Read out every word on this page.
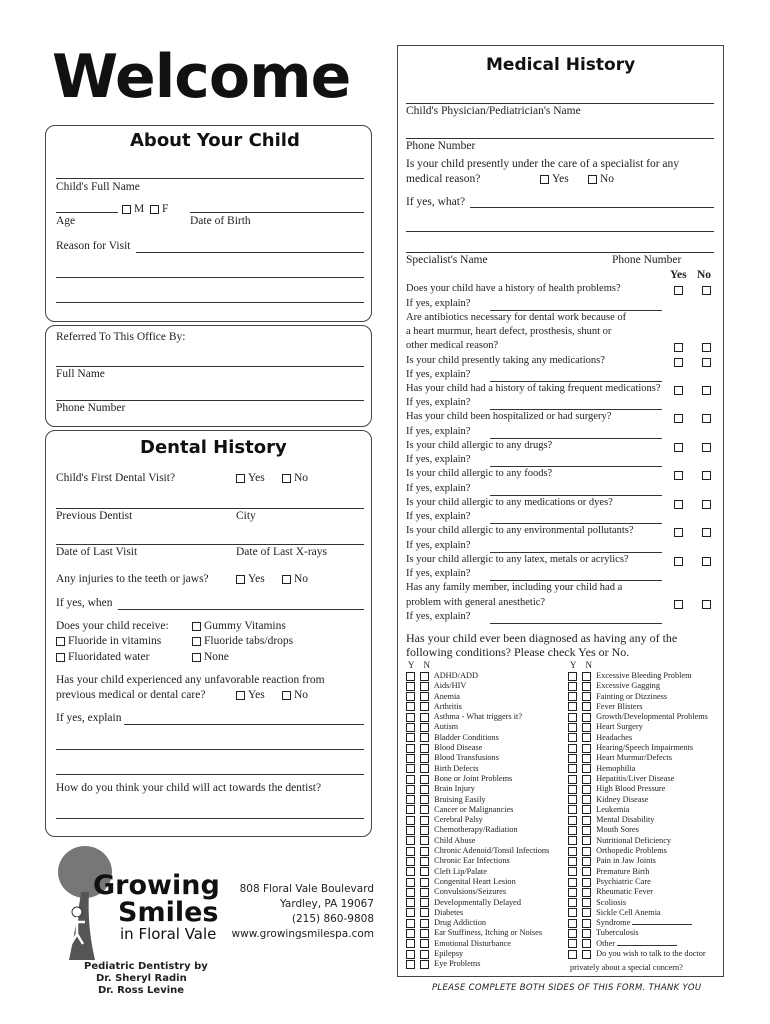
Welcome
About Your Child
Child's Full Name
M F
Age	Date of Birth
Reason for Visit
Referred To This Office By:
Full Name
Phone Number
Dental History
Child's First Dental Visit?	Yes	No
Previous Dentist	City
Date of Last Visit	Date of Last X-rays
Any injuries to the teeth or jaws?	Yes	No
If yes, when
Does your child receive:
Fluoride in vitamins
Fluoridated water
Gummy Vitamins
Fluoride tabs/drops
None
Has your child experienced any unfavorable reaction from
previous medical or dental care?	Yes	No
If yes, explain
How do you think your child will act towards the dentist?
Growing
Smiles
in Floral Vale
Pediatric Dentistry by
Dr. Sheryl Radin
Dr. Ross Levine
808 Floral Vale Boulevard
Yardley, PA 19067
(215) 860-9808
www.growingsmilespa.com
Medical History
Child's Physician/Pediatrician's Name
Phone Number
Is your child presently under the care of a specialist for any
medical reason?	Yes	No
If yes, what?
Specialist's Name	Phone Number
Yes No
Does your child have a history of health problems?
If yes, explain?
Are antibiotics necessary for dental work because of
a heart murmur, heart defect, prosthesis, shunt or
other medical reason?
Is your child presently taking any medications?
If yes, explain?
Has your child had a history of taking frequent medications?
If yes, explain?
Has your child been hospitalized or had surgery?
If yes, explain?
Is your child allergic to any drugs?
If yes, explain?
Is your child allergic to any foods?
If yes, explain?
Is your child allergic to any medications or dyes?
If yes, explain?
Is your child allergic to any environmental pollutants?
If yes, explain?
Is your child allergic to any latex, metals or acrylics?
If yes, explain?
Has any family member, including your child had a
problem with general anesthetic?
If yes, explain?
Has your child ever been diagnosed as having any of the
following conditions? Please check Yes or No.
Y N	Y N
ADHD/ADD
Aids/HIV
Anemia
Arthritis
Asthma - What triggers it?
Autism
Bladder Conditions
Blood Disease
Blood Transfusions
Birth Defects
Bone or Joint Problems
Brain Injury
Bruising Easily
Cancer or Malignancies
Cerebral Palsy
Chemotherapy/Radiation
Child Abuse
Chronic Adenoid/Tonsil Infections
Chronic Ear Infections
Cleft Lip/Palate
Congenital Heart Lesion
Convulsions/Seizures
Developmentally Delayed
Diabetes
Drug Addiction
Ear Stuffiness, Itching or Noises
Emotional Disturbance
Epilepsy
Eye Problems
Excessive Bleeding Problem
Excessive Gagging
Fainting or Dizziness
Fever Blisters
Growth/Developmental Problems
Heart Surgery
Headaches
Hearing/Speech Impairments
Heart Murmur/Defects
Hemophilia
Hepatitis/Liver Disease
High Blood Pressure
Kidney Disease
Leukemia
Mental Disability
Mouth Sores
Nutritional Deficiency
Orthopedic Problems
Pain in Jaw Joints
Premature Birth
Psychiatric Care
Rheumatic Fever
Scoliosis
Sickle Cell Anemia
Syndrome
Tuberculosis
Other
Do you wish to talk to the doctor
privately about a special concern?
PLEASE COMPLETE BOTH SIDES OF THIS FORM. THANK YOU
